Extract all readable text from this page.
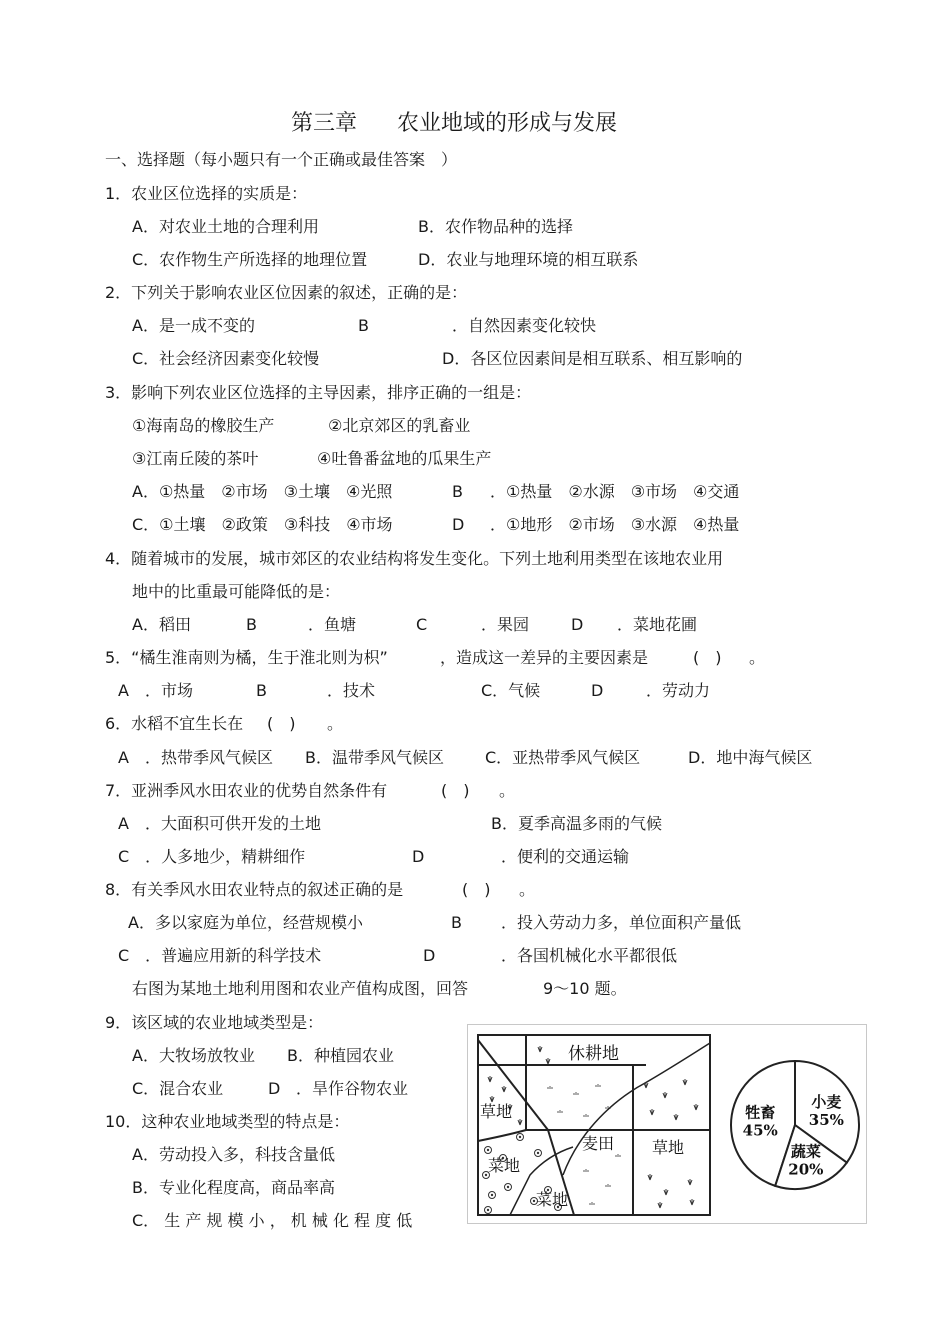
第三章 农业地域的形成与发展
一、选择题（每小题只有一个正确或最佳答案　）
1．农业区位选择的实质是：
A．对农业土地的合理利用	B．农作物品种的选择
C．农作物生产所选择的地理位置	D．农业与地理环境的相互联系
2．下列关于影响农业区位因素的叙述，正确的是：
A．是一成不变的	B	．自然因素变化较快
C．社会经济因素变化较慢	D．各区位因素间是相互联系、相互影响的
3．影响下列农业区位选择的主导因素，排序正确的一组是：
①海南岛的橡胶生产	②北京郊区的乳畜业
③江南丘陵的茶叶	④吐鲁番盆地的瓜果生产
A．①热量　②市场　③土壤　④光照	B ．①热量　②水源　③市场　④交通
C．①土壤　②政策　③科技　④市场	D ．①地形　②市场　③水源　④热量
4．随着城市的发展，城市郊区的农业结构将发生变化。下列土地利用类型在该地农业用
地中的比重最可能降低的是：
A．稻田	B	．鱼塘	C	．果园	D ．菜地花圃
5．“橘生淮南则为橘，生于淮北则为枳”	，造成这一差异的主要因素是	(　) 。
A　．市场	B	．技术	C．气候	D	．劳动力
6．水稻不宜生长在 (　) 。
A　．热带季风气候区 B．温带季风气候区	C．亚热带季风气候区	D．地中海气候区
7．亚洲季风水田农业的优势自然条件有	(　) 。
A　．大面积可供开发的土地	B．夏季高温多雨的气候
C　．人多地少，精耕细作	D	．便利的交通运输
8．有关季风水田农业特点的叙述正确的是	(　) 。
A．多以家庭为单位，经营规模小	B ．投入劳动力多，单位面积产量低
C　．普遍应用新的科学技术	D	．各国机械化水平都很低
右图为某地土地利用图和农业产值构成图，回答	9～10 题。
9．该区域的农业地域类型是：
A．大牧场放牧业 B．种植园农业
C．混合农业	D ．旱作谷物农业
10．这种农业地域类型的特点是：
A．劳动投入多，科技含量低
B．专业化程度高，商品率高
C． 生 产 规 模 小 ， 机 械 化 程 度 低
休耕地
草地
菜地
麦田 草地
菜地
牲畜
45%
小麦
35%
蔬菜
20%
